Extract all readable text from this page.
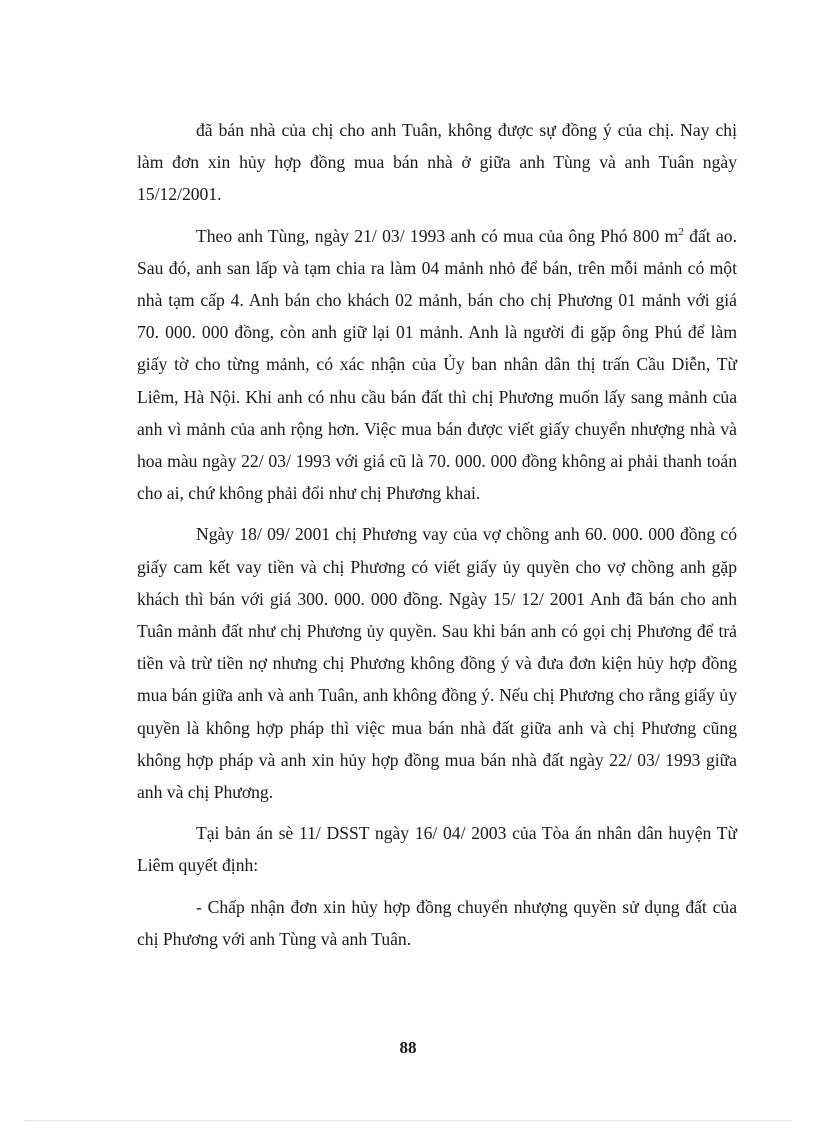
đã bán nhà của chị cho anh Tuân, không được sự đồng ý của chị. Nay chị làm đơn xin hủy hợp đồng mua bán nhà ở giữa anh Tùng và anh Tuân ngày 15/12/2001.

Theo anh Tùng, ngày 21/ 03/ 1993 anh có mua của ông Phó 800 $m^2$ đất ao. Sau đó, anh san lấp và tạm chia ra làm 04 mảnh nhỏ để bán, trên mỗi mảnh có một nhà tạm cấp 4. Anh bán cho khách 02 mảnh, bán cho chị Phương 01 mảnh với giá 70. 000. 000 đồng, còn anh giữ lại 01 mảnh. Anh là người đi gặp ông Phú để làm giấy tờ cho từng mảnh, có xác nhận của Ủy ban nhân dân thị trấn Cầu Diễn, Từ Liêm, Hà Nội. Khi anh có nhu cầu bán đất thì chị Phương muốn lấy sang mảnh của anh vì mảnh của anh rộng hơn. Việc mua bán được viết giấy chuyển nhượng nhà và hoa màu ngày 22/ 03/ 1993 với giá cũ là 70. 000. 000 đồng không ai phải thanh toán cho ai, chứ không phải đổi như chị Phương khai.

Ngày 18/ 09/ 2001 chị Phương vay của vợ chồng anh 60. 000. 000 đồng có giấy cam kết vay tiền và chị Phương có viết giấy ủy quyền cho vợ chồng anh gặp khách thì bán với giá 300. 000. 000 đồng. Ngày 15/ 12/ 2001 Anh đã bán cho anh Tuân mảnh đất như chị Phương ủy quyền. Sau khi bán anh có gọi chị Phương để trả tiền và trừ tiền nợ nhưng chị Phương không đồng ý và đưa đơn kiện hủy hợp đồng mua bán giữa anh và anh Tuân, anh không đồng ý. Nếu chị Phương cho rằng giấy ủy quyền là không hợp pháp thì việc mua bán nhà đất giữa anh và chị Phương cũng không hợp pháp và anh xin hủy hợp đồng mua bán nhà đất ngày 22/ 03/ 1993 giữa anh và chị Phương.

Tại bản án sè 11/ DSST ngày 16/ 04/ 2003 của Tòa án nhân dân huyện Từ Liêm quyết định:

- Chấp nhận đơn xin hủy hợp đồng chuyển nhượng quyền sử dụng đất của chị Phương với anh Tùng và anh Tuân.

88
